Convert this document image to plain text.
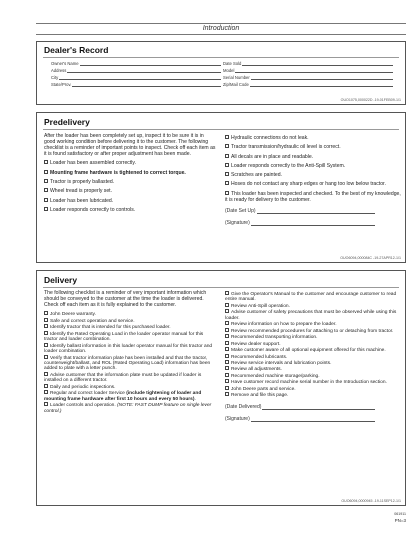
Introduction
Dealer's Record
Owner's Name
Address
City
State/Prov.
Date Sold
Model
Serial Number
Zip/Mail Code
OUO1075,000022D -19-01FEB09-1/1
Predelivery
After the loader has been completely set up, inspect it to be sure it is in good working condition before delivering it to the customer. The following checklist is a reminder of important points to inspect. Check off each item as it is found satisfactory or after proper adjustment has been made.
Loader has been assembled correctly.
Mounting frame hardware is tightened to correct torque.
Tractor is properly ballasted.
Wheel tread is properly set.
Loader has been lubricated.
Loader responds correctly to controls.
Hydraulic connections do not leak.
Tractor transmission/hydraulic oil level is correct.
All decals are in place and readable.
Loader responds correctly to the Anti-Spill System.
Scratches are painted.
Hoses do not contact any sharp edges or hang too low below tractor.
This loader has been inspected and checked. To the best of my knowledge, it is ready for delivery to the customer.
(Date Set Up)
(Signature)
OUO6094,000084C -19-27APR12-1/1
Delivery
The following checklist is a reminder of very important information which should be conveyed to the customer at the time the loader is delivered. Check off each item as it is fully explained to the customer.
John Deere warranty.
Safe and correct operation and service.
Identify tractor that is intended for this purchased loader.
Identify the Rated Operating Load in the loader operator manual for this tractor and loader combination.
Identify ballast information in this loader operator manual for this tractor and loader combination.
Verify that tractor information plate has been installed and that the tractor, counterweight/ballast, and ROL (Rated Operating Load) information has been added to plate with a letter punch.
Advise customer that the information plate must be updated if loader is installed on a different tractor.
Daily and periodic inspections.
Regular and correct loader Service (include tightening of loader and mounting frame hardware after first 10 hours and every 50 hours).
Loader controls and operation. (NOTE: FAST DUMP feature on single lever control.)
Give the Operator's Manual to the customer and encourage customer to read entire manual.
Review Anti-Spill operation.
Advise customer of safety precautions that must be observed while using this loader.
Review information on how to prepare the loader.
Review recommended procedures for attaching to or detaching from tractor.
Recommended transporting information.
Review dealer support.
Make customer aware of all optional equipment offered for this machine.
Recommended lubricants.
Review service intervals and lubrication points.
Review all adjustments.
Recommended machine storage/parking.
Have customer record machine serial number in the Introduction section.
John Deere parts and service.
Remove and file this page.
(Date Delivered)
(Signature)
OUO6094,0000945 -19-11SEP12-1/1
061911
PN=3
